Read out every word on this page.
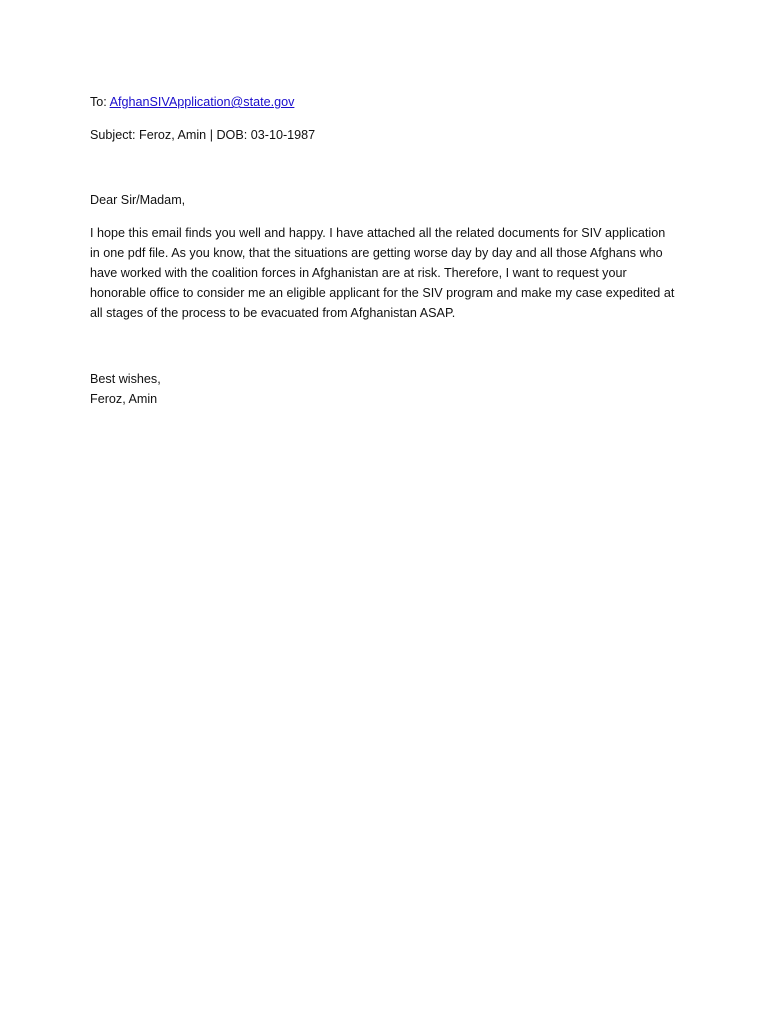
To: AfghanSIVApplication@state.gov
Subject: Feroz, Amin | DOB: 03-10-1987
Dear Sir/Madam,

I hope this email finds you well and happy. I have attached all the related documents for SIV application in one pdf file. As you know, that the situations are getting worse day by day and all those Afghans who have worked with the coalition forces in Afghanistan are at risk. Therefore, I want to request your honorable office to consider me an eligible applicant for the SIV program and make my case expedited at all stages of the process to be evacuated from Afghanistan ASAP.

Best wishes,
Feroz, Amin
